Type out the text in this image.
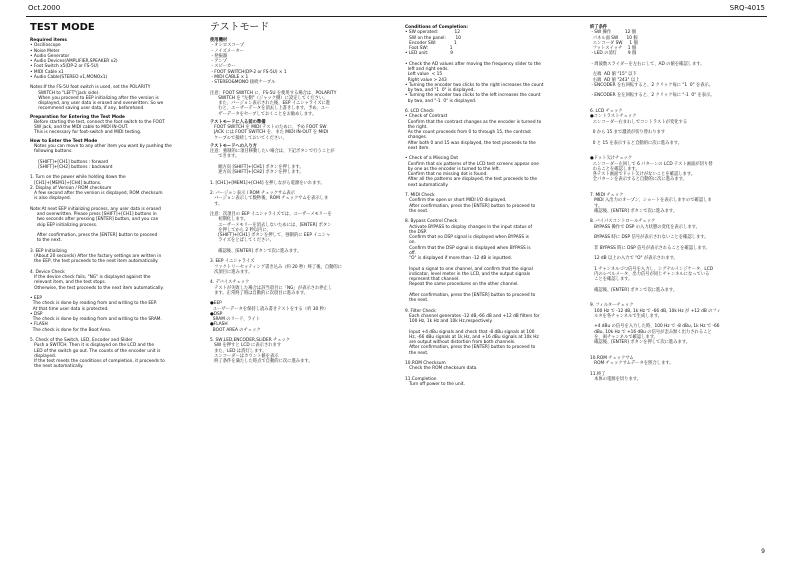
Oct.2000	SRQ-4015
TEST MODE
Required items
• Oscilloscope
• Noise Meter
• Audio Generator
• Audio Devices(AMPLIFIER,SPEAKER x2)
• Foot Switch x5(DP-2 or FS-5U)
• MIDI Cable x1
• Audio Cable(STEREO x1,MONOx1)
Notes:If the FS-5U foot switch is used, set the POLARITY
SWITCH to "LEFT"(jack side).
When you proceed to EEP initializing after the version is
displayed, any user data is erased and overwritten. So we
recommend saving user data, if any, beforehand.
Preparation for Entering the Test Mode
Before starting the test, connect the foot switch to the FOOT
SW jack, and the MIDI cable to MIDI IN-OUT.
This is necessary for foot-switch and MIDI testing.
How to Enter the Test Mode
Notes you can move to any other item you want by pushing the
following buttons.
[SHIFT]+[CH1] buttons : forward
[SHIFT]+[CH2] buttons : backward
1. Turn on the power while holding down the
[CH1]+[MEM1]+[CH4] buttons.
2. Display of Version / ROM checksum
A few second after the version is displayed, ROM checksum
is also displayed.
Note:At next EEP initializing process, any user data is erased
and overwritten. Please press [SHIFT]+[CH1] buttons in
two seconds after pressing [ENTER] button, and you can
skip EEP initializing process.
After confirmation, press the [ENTER] button to proceed
to the next.
3. EEP Initializing
(About 20 seconds) After the factory settings are written in
the EEP, the test proceeds to the next item automatically.
4. Device Check
If the device check fails, "NG" is displayed against the
relevant item, and the test stops.
Otherwise, the test proceeds to the next item automatically.
• EEP
The check is done by reading from and writing to the EEP.
At that time user data is protected.
• DSP
The check is done by reading from and writing to the SRAM.
• FLASH
The check is done for the Boot Area.
5. Check of the Switch, LED, Encoder and Slider
Push a SWITCH. Then it is displayed on the LCD and the
LED of the switch go out. The counts of the encoder unit is
displayed.
If the test meets the conditions of completion, it proceeds to
the next automatically.
テストモード
使用機材
・オシロスコープ
・ノイズメーター
・発振器
・アンプ
・スピーカー
・FOOT SWITCH(DP-2 or FS-5U) × 1
・MIDI CABLE × 1
・STEREO&MONO 接続ケーブル
注意：FOOT SWITCH に、FS-5U を使用する場合は、POLARITY
SWITCH を "左側"（ジャック側）に設定してください。
また、バージョン表示された後、EEP イニシャライズに進
むと、ユーザーデータを消去し上書きします。予め、ユー
ザーデータをセーブしておくことをお勧めします。
テストモードに入る前の準備
FOOT SWITCH を MIDI テストのために、予め FOOT SW
JACK には FOOT SWITCH を、また MIDI IN-OUT を MIDI
ケーブルで接続しておいてください。
テストモードへの入り方
注意：強制的に項目移動したい場合は、下記ボタンで行うことが
できます。
順方向 [SHIFT]+[CH1] ボタンを押します。
逆方向 [SHIFT]+[CH2] ボタンを押します。
1. [CH1]+[MEM1]+[CH4] を押しながら電源をいれます。
2. バージョン表示 / ROM チェックサム表示
バージョン表示して数秒後、ROM チェックサムを表示しま
す。
注意：次項目の EEP イニシャライズでは、ユーザーメモリーを
初期化します。
ユーザーメモリーを消去しないためには、[ENTER] ボタン
を押してから 2 秒以内に、
[SHIFT]+[CH1] ボタンを押して、強制的に EEP イニシャ
ライズをとばしてください。
確認後、[ENTER] ボタンで次に進みます。
3. EEP イニシャライズ
ファクトリーセッティング書き込み（約 20 秒）終了後、自動的に
次項目に進みます。
4. デバイスチェック
テストが失敗した場合は該当項目に「NG」が表示され停止し
ます。正常終了時は自動的に次項目に進みます。
●EEP
ユーザーデータを保持し読み書きテストをする（約 30 秒）
●DSP
SRAM のリード、ライト
●FLASH
BOOT AREA のチェック
5. SW,LED,ENCODER,SLIDER チェック
SW を押すと LCD に表示されます
また、LED は消灯します。
エンコーダーはカウント値を表示
終了条件を満たした時点で自動的に次に進みます。
Conditions of Completion:
• SW operated:            12
SW on the panel:       10
Encoder SW:             1
Foot SW:                1
• LED unit:                9
• Check the AD values after moving the frequency slider to the
left and right ends.
Left value  < 15
Right value > 243
• Turning the encoder two clicks to the right increases the count
by two, and "1  0" is displayed.
• Turning the encoder two clicks to the left increases the count
by two, and "-1  0" is displayed.
6. LCD Check
• Check of Contrast
Confirm that the contrast changes as the encoder is turned to
the right.
As the count proceeds from 0 to through 15, the contrast
changes.
After both 0 and 15 was displayed, the test proceeds to the
next item.
• Check of a Missing Dot
Confirm that six patterns of the LCD test screens appear one
by one as the encoder is turned to the left.
Confirm that no missing dot is found.
After all the patterns are displayed, the test proceeds to the
next automatically.
7. MIDI Check
Confirm the open or short MIDI I/O displayed.
After confirmation, press the [ENTER] button to proceed to
the next.
8. Bypass Control Check
Activate BYPASS to display changes in the input status of
the DSP.
Confirm that no DSP signal is displayed when BYPASS is
on.
Confirm that the DSP signal is displayed when BYPASS is
off.
"O" is displayed if more than -12 dB is inputted.
Input a signal to one channel, and confirm that the signal
indicator, level meter in the LCD, and the output signals
represent that channel.
Repeat the same procedures on the other channel.
After confirmation, press the [ENTER] button to proceed to
the next.
9. Filter Check
Each channel generates -12 dB,-66 dB and +12 dB filters for
100 Hz, 1k Hz and 10k Hz,respectively.
Input +4 dBu signals and check that -8 dBu signals at 100
Hz, -66 dBu signals at 1k Hz, and +16 dBu signals at 10k Hz
are output without distortion from both channels.
After confirmation, press the [ENTER] button to proceed to
the next.
10.ROM Checksum
Check the ROM checksum data.
11.Completion
Turn off power to the unit.
終了条件
・SW 操作          12 個
パネル面 SW      10 個
エンコーダ SW     1 個
フットスイッチ    1 個
・LED の消灯        9 個
・周波数スライダーを左右にして、AD の値を確認します。
左端  AD 値 "15" 以下
右端  AD 値 "243" 以上
・ENCODER を右回転すると、2 クリック毎に "1  0" を表示。
・ENCODER を左回転すると、2 クリック毎に "-1  0" を表示。
6. LCD チェック
●コントラストチェック
エンコーダー右まわしでコントラストが変化する
0 から 15 まで濃淡が切り替わります
0 と 15 を表示すると自動的に次に進みます。
●ドット欠けチェック
エンコーダー左回しで 6 パターンの LCD テスト画面が切り替
わることを確認します。
各テスト画面でドット欠けがないことを確認します。
全パターンを表示すると自動的に次に進みます。
7. MIDI チェック
MIDI 入出力のオープン、ショートを表示しますので確認しま
す。
確認後、[ENTER] ボタンで次に進みます。
8. バイパスコントロールチェック
BYPASS 操作で DSP の入力状態の変化を表示します。
BYPASS 時に DSP 信号が表示されないことを確認します。
非 BYPASS 時に DSP 信号が表示されることを確認します。
12 dB 以上の入力で "O" が表示されます。
1 チャンネルづつ信号を入力し、シグナルインジケータ、LCD
内のレベルメータ、出力信号が同じチャンネルになっている
ことを確認します。
確認後、[ENTER] ボタンで次に進みます。
9. フィルターチェック
100 Hz で -12 dB, 1k Hz で -66 dB, 10k Hz が +12 dB のフィ
ルタを各チャンネルで生成します。
+4 dBu の信号を入力した時、100 Hz で -8 dBu, 1k Hz で -66
dBu, 10k Hz で +16 dBu の信号が歪み無く出力されること
を、両チャンネルで確認します。
確認後、[ENTER] ボタンを押して次に進みます。
10.ROM チェックサム
ROM チェックサムデータを照合します。
11.終了
本体の電源を切ります。
9
